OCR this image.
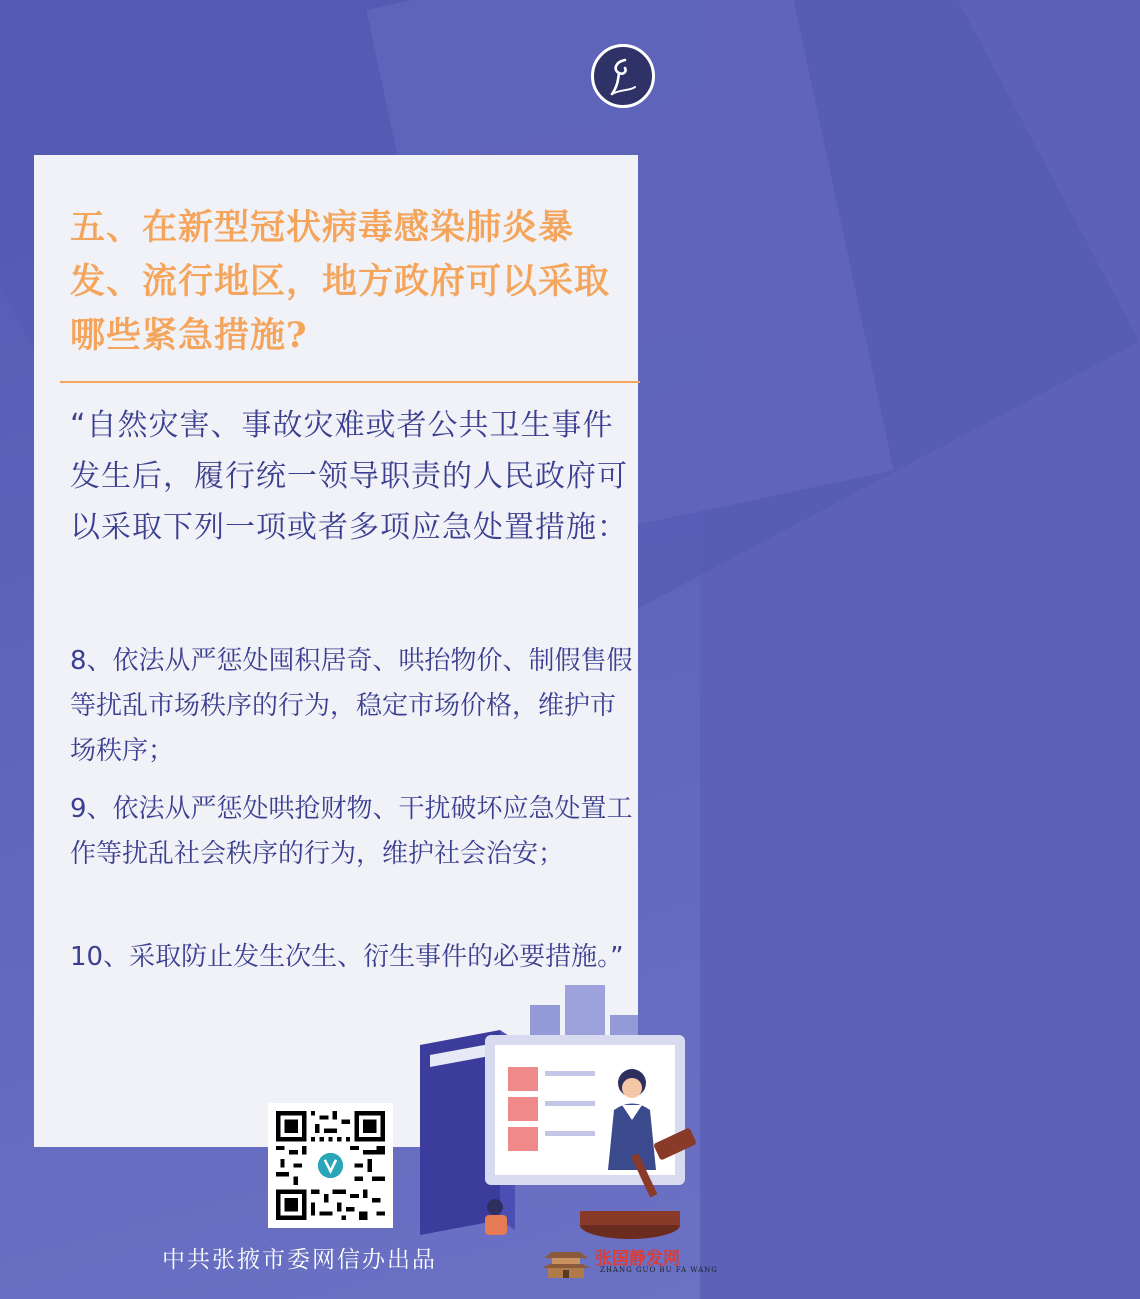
五、在新型冠状病毒感染肺炎暴发、流行地区，地方政府可以采取哪些紧急措施?

“自然灾害、事故灾难或者公共卫生事件发生后，履行统一领导职责的人民政府可以采取下列一项或者多项应急处置措施：

8、依法从严惩处囤积居奇、哄抬物价、制假售假等扰乱市场秩序的行为，稳定市场价格，维护市场秩序；

9、依法从严惩处哄抢财物、干扰破坏应急处置工作等扰乱社会秩序的行为，维护社会治安；

10、采取防止发生次生、衍生事件的必要措施。”

中共张掖市委网信办出品	张国静发网
ZHANG GUO BU FA WANG
